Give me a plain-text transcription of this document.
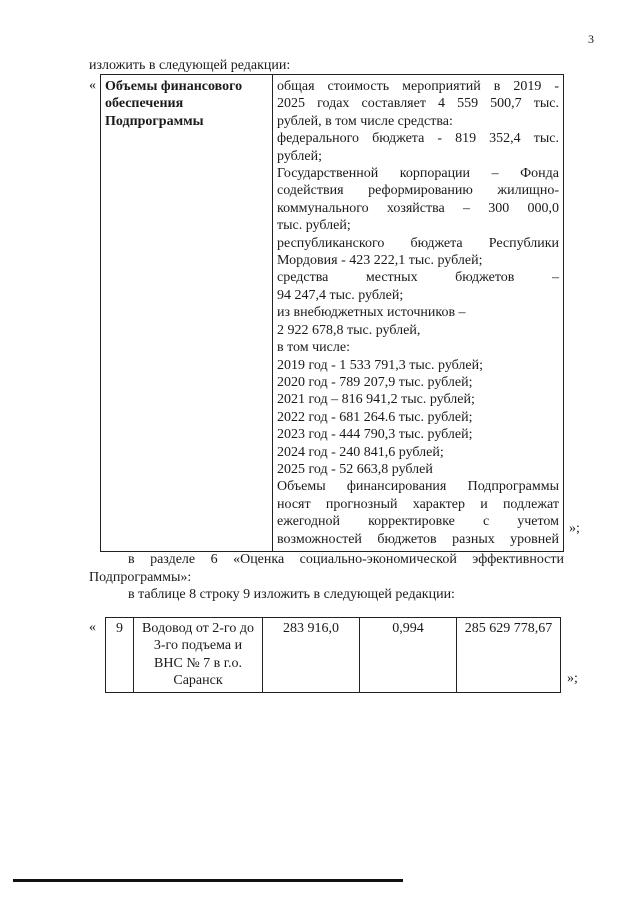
3
изложить в следующей редакции:
« Объемы финансового обеспечения Подпрограммы	
общая стоимость мероприятий в 2019 -
2025 годах составляет 4 559 500,7 тыс.
рублей, в том числе средства:
федерального бюджета - 819 352,4 тыс.
рублей;
Государственной корпорации – Фонда
содействия реформированию жилищно-
коммунального хозяйства – 300 000,0
тыс. рублей;
республиканского бюджета Республики
Мордовия - 423 222,1 тыс. рублей;
средства местных бюджетов –
94 247,4 тыс. рублей;
из внебюджетных источников –
2 922 678,8 тыс. рублей,
в том числе:
2019 год - 1 533 791,3 тыс. рублей;
2020 год - 789 207,9 тыс. рублей;
2021 год – 816 941,2 тыс. рублей;
2022 год - 681 264.6 тыс. рублей;
2023 год - 444 790,3 тыс. рублей;
2024 год - 240 841,6 рублей;
2025 год - 52 663,8 рублей
Объемы финансирования Подпрограммы
носят прогнозный характер и подлежат
ежегодной корректировке с учетом
возможностей бюджетов разных уровней
»;
в разделе 6 «Оценка социально-экономической эффективности
Подпрограммы»:
в таблице 8 строку 9 изложить в следующей редакции:
« 9	Водовод от 2-го до
3-го подъема и
ВНС № 7 в г.о.
Саранск
	283 916,0	0,994	285 629 778,67
»;
